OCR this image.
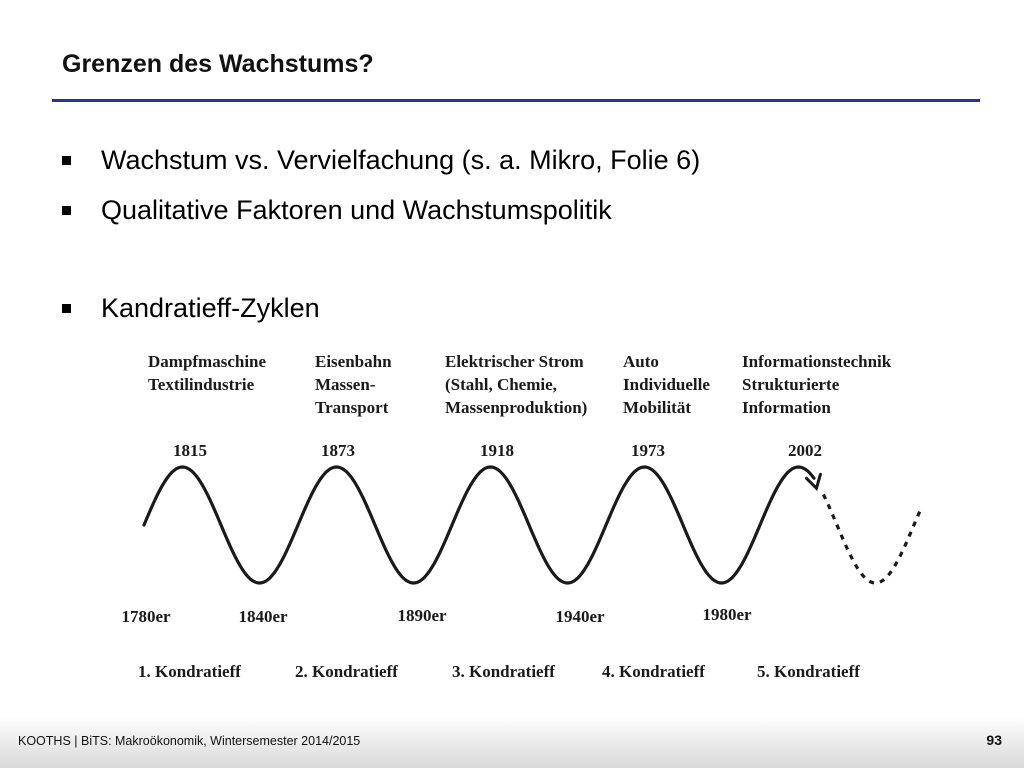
Grenzen des Wachstums?
Wachstum vs. Vervielfachung (s. a. Mikro, Folie 6)
Qualitative Faktoren und Wachstumspolitik
Kandratieff-Zyklen
Dampfmaschine
Textilindustrie
Eisenbahn
Massen-
Transport
Elektrischer Strom
(Stahl, Chemie,
Massenproduktion)
Auto
Individuelle
Mobilität
Informationstechnik
Strukturierte
Information
1815	1873	1918	1973	2002
1780er	1840er	1890er	1940er	1980er
1. Kondratieff	2. Kondratieff	3. Kondratieff	4. Kondratieff	5. Kondratieff
KOOTHS | BiTS: Makroökonomik, Wintersemester 2014/2015	93
